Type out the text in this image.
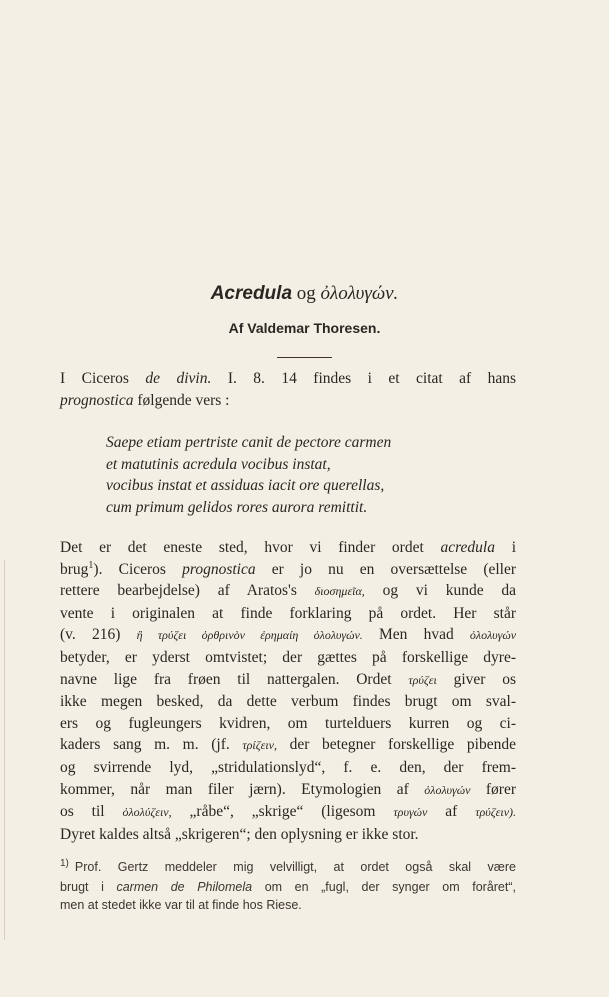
Acredula og ὀλολυγών.
Af Valdemar Thoresen.
I Ciceros de divin. I. 8. 14 findes i et citat af hans
prognostica følgende vers :
Saepe etiam pertriste canit de pectore carmen
et matutinis acredula vocibus instat,
vocibus instat et assiduas iacit ore querellas,
cum primum gelidos rores aurora remittit.
Det er det eneste sted, hvor vi finder ordet acredula i
brug$^1$). Ciceros prognostica er jo nu en oversættelse (eller
rettere bearbejdelse) af Aratos's διοσημεῖα, og vi kunde da
vente i originalen at finde forklaring på ordet. Her står
(v. 216) ἢ τρύζει ὀρθρινὸν ἐρημαίη ὀλολυγών. Men hvad ὀλολυγών
betyder, er yderst omtvistet; der gættes på forskellige dyre-
navne lige fra frøen til nattergalen. Ordet τρύζει giver os
ikke megen besked, da dette verbum findes brugt om sval-
ers og fugleungers kvidren, om turtelduers kurren og ci-
kaders sang m. m. (jf. τρίζειν, der betegner forskellige pibende
og svirrende lyd, „stridulationslyd“, f. e. den, der frem-
kommer, når man filer jærn). Etymologien af ὀλολυγών fører
os til ὀλολύζειν, „råbe“, „skrige“ (ligesom τρυγών af τρύζειν).
Dyret kaldes altså „skrigeren“; den oplysning er ikke stor.
$^{1)}$ Prof. Gertz meddeler mig velvilligt, at ordet også skal være
brugt i carmen de Philomela om en „fugl, der synger om foråret“,
men at stedet ikke var til at finde hos Riese.
